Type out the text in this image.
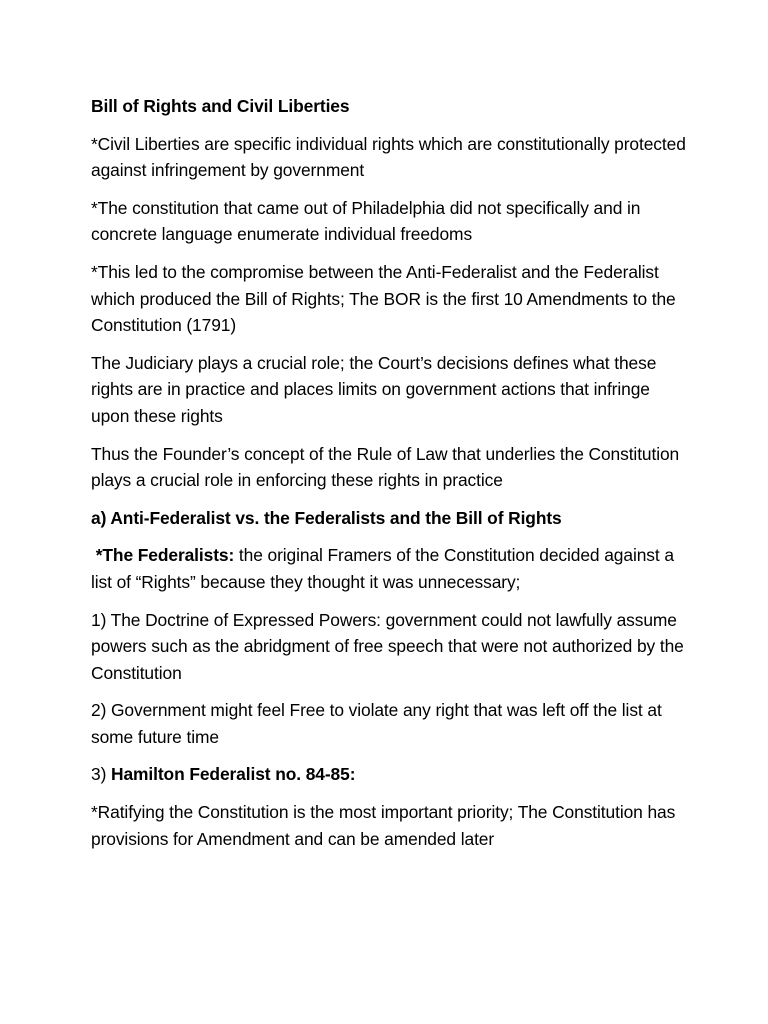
Bill of Rights and Civil Liberties

*Civil Liberties are specific individual rights which are constitutionally protected against infringement by government

*The constitution that came out of Philadelphia did not specifically and in concrete language enumerate individual freedoms

*This led to the compromise between the Anti-Federalist and the Federalist which produced the Bill of Rights; The BOR is the first 10 Amendments to the Constitution (1791)

The Judiciary plays a crucial role; the Court’s decisions defines what these rights are in practice and places limits on government actions that infringe upon these rights

Thus the Founder’s concept of the Rule of Law that underlies the Constitution plays a crucial role in enforcing these rights in practice

a) Anti-Federalist vs. the Federalists and the Bill of Rights

*The Federalists: the original Framers of the Constitution decided against a list of “Rights” because they thought it was unnecessary;

1) The Doctrine of Expressed Powers: government could not lawfully assume powers such as the abridgment of free speech that were not authorized by the Constitution

2) Government might feel Free to violate any right that was left off the list at some future time

3) Hamilton Federalist no. 84-85:

*Ratifying the Constitution is the most important priority; The Constitution has provisions for Amendment and can be amended later
